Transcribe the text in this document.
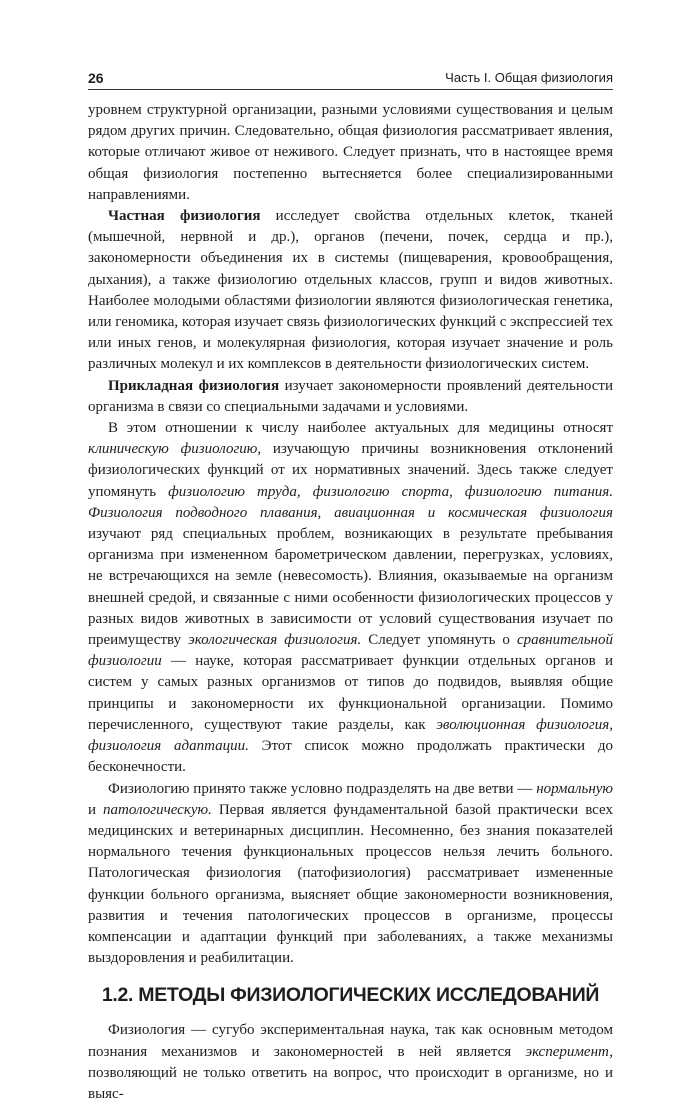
26	Часть I. Общая физиология

уровнем структурной организации, разными условиями существования и целым рядом других причин. Следовательно, общая физиология рассматривает явления, которые отличают живое от неживого. Следует признать, что в настоящее время общая физиология постепенно вытесняется более специализированными направлениями.

Частная физиология исследует свойства отдельных клеток, тканей (мышечной, нервной и др.), органов (печени, почек, сердца и пр.), закономерности объединения их в системы (пищеварения, кровообращения, дыхания), а также физиологию отдельных классов, групп и видов животных. Наиболее молодыми областями физиологии являются физиологическая генетика, или геномика, которая изучает связь физиологических функций с экспрессией тех или иных генов, и молекулярная физиология, которая изучает значение и роль различных молекул и их комплексов в деятельности физиологических систем.

Прикладная физиология изучает закономерности проявлений деятельности организма в связи со специальными задачами и условиями.

В этом отношении к числу наиболее актуальных для медицины относят клиническую физиологию, изучающую причины возникновения отклонений физиологических функций от их нормативных значений. Здесь также следует упомянуть физиологию труда, физиологию спорта, физиологию питания. Физиология подводного плавания, авиационная и космическая физиология изучают ряд специальных проблем, возникающих в результате пребывания организма при измененном барометрическом давлении, перегрузках, условиях, не встречающихся на земле (невесомость). Влияния, оказываемые на организм внешней средой, и связанные с ними особенности физиологических процессов у разных видов животных в зависимости от условий существования изучает по преимуществу экологическая физиология. Следует упомянуть о сравнительной физиологии — науке, которая рассматривает функции отдельных органов и систем у самых разных организмов от типов до подвидов, выявляя общие принципы и закономерности их функциональной организации. Помимо перечисленного, существуют такие разделы, как эволюционная физиология, физиология адаптации. Этот список можно продолжать практически до бесконечности.

Физиологию принято также условно подразделять на две ветви — нормальную и патологическую. Первая является фундаментальной базой практически всех медицинских и ветеринарных дисциплин. Несомненно, без знания показателей нормального течения функциональных процессов нельзя лечить больного. Патологическая физиология (патофизиология) рассматривает измененные функции больного организма, выясняет общие закономерности возникновения, развития и течения патологических процессов в организме, процессы компенсации и адаптации функций при заболеваниях, а также механизмы выздоровления и реабилитации.

1.2. МЕТОДЫ ФИЗИОЛОГИЧЕСКИХ ИССЛЕДОВАНИЙ

Физиология — сугубо экспериментальная наука, так как основным методом познания механизмов и закономерностей в ней является эксперимент, позволяющий не только ответить на вопрос, что происходит в организме, но и выяс-
